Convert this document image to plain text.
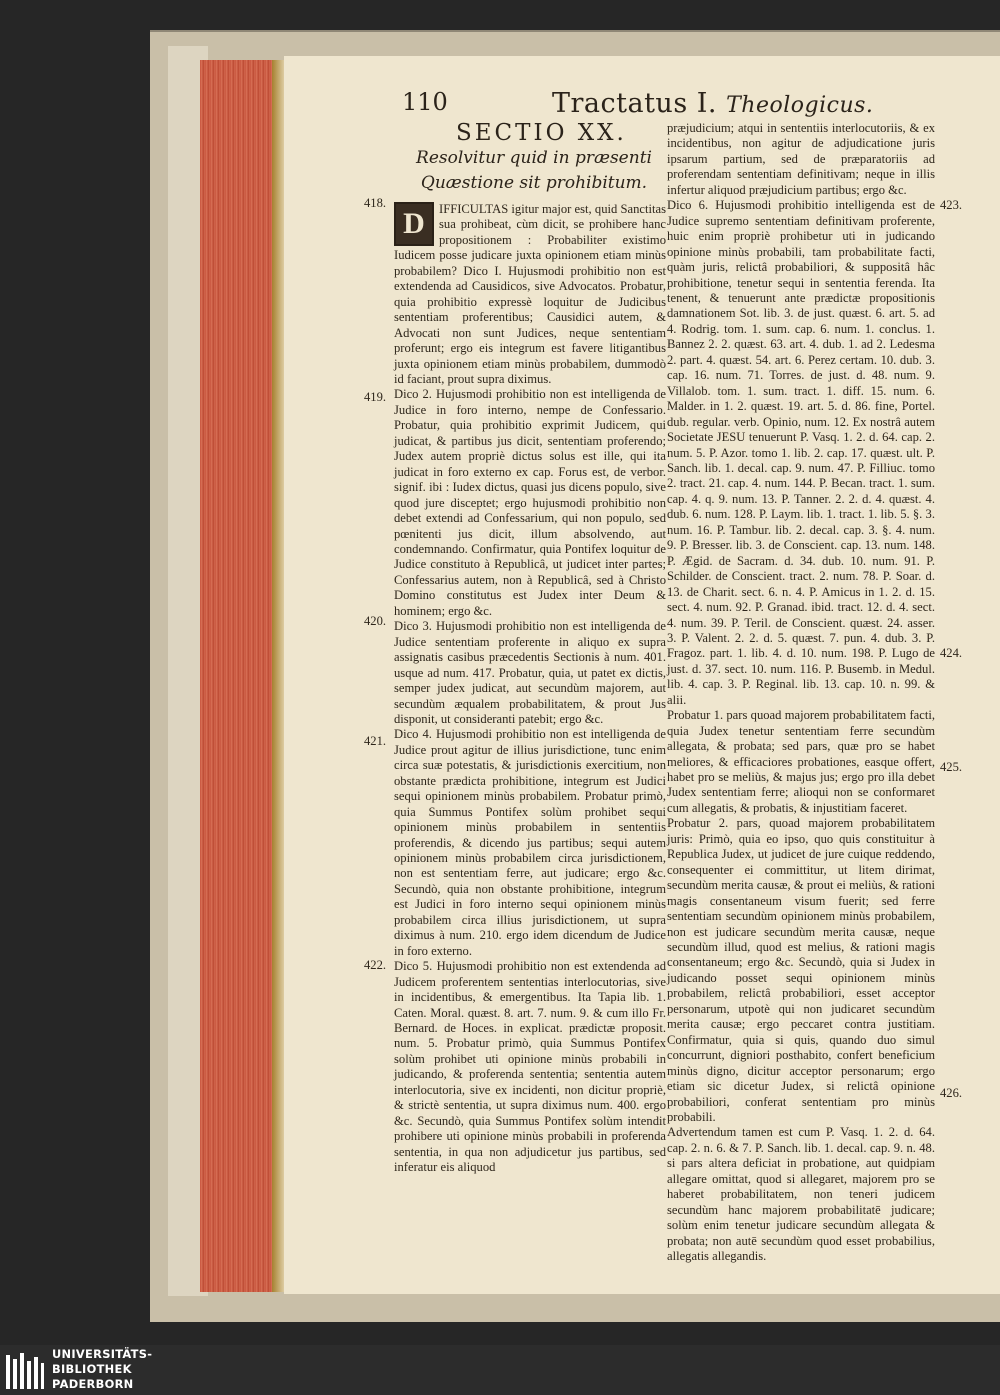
110	Tractatus I. Theologicus.
SECTIO XX.
Resolvitur quid in præsenti Quæstione sit prohibitum.
D	IFFICULTAS igitur major est, quid Sanctitas sua prohibeat, cùm dicit, se prohibere hanc propositionem : Probabiliter existimo Iudicem posse judicare juxta opinionem etiam minùs probabilem? Dico I. Hujusmodi prohibitio non est extendenda ad Causidicos, sive Advocatos. Probatur, quia prohibitio expressè loquitur de Judicibus sententiam proferentibus; Causidici autem, & Advocati non sunt Judices, neque sententiam proferunt; ergo eis integrum est favere litigantibus juxta opinionem etiam minùs probabilem, dummodò id faciant, prout supra diximus.

Dico 2. Hujusmodi prohibitio non est intelligenda de Judice in foro interno, nempe de Confessario. Probatur, quia prohibitio exprimit Judicem, qui judicat, & partibus jus dicit, sententiam proferendo; Judex autem propriè dictus solus est ille, qui ita judicat in foro externo ex cap. Forus est, de verbor. signif. ibi : Iudex dictus, quasi jus dicens populo, sive quod jure disceptet; ergo hujusmodi prohibitio non debet extendi ad Confessarium, qui non populo, sed pœnitenti jus dicit, illum absolvendo, aut condemnando. Confirmatur, quia Pontifex loquitur de Judice constituto à Republicâ, ut judicet inter partes; Confessarius autem, non à Republicâ, sed à Christo Domino constitutus est Judex inter Deum & hominem; ergo &c.

Dico 3. Hujusmodi prohibitio non est intelligenda de Judice sententiam proferente in aliquo ex supra assignatis casibus præcedentis Sectionis à num. 401. usque ad num. 417. Probatur, quia, ut patet ex dictis, semper judex judicat, aut secundùm majorem, aut secundùm æqualem probabilitatem, & prout Jus disponit, ut consideranti patebit; ergo &c.

Dico 4. Hujusmodi prohibitio non est intelligenda de Judice prout agitur de illius jurisdictione, tunc enim circa suæ potestatis, & jurisdictionis exercitium, non obstante prædicta prohibitione, integrum est Judici sequi opinionem minùs probabilem. Probatur primò, quia Summus Pontifex solùm prohibet sequi opinionem minùs probabilem in sententiis proferendis, & dicendo jus partibus; sequi autem opinionem minùs probabilem circa jurisdictionem, non est sententiam ferre, aut judicare; ergo &c. Secundò, quia non obstante prohibitione, integrum est Judici in foro interno sequi opinionem minùs probabilem circa illius jurisdictionem, ut supra diximus à num. 210. ergo idem dicendum de Judice in foro externo.

Dico 5. Hujusmodi prohibitio non est extendenda ad Judicem proferentem sententias interlocutorias, sive in incidentibus, & emergentibus. Ita Tapia lib. 1. Caten. Moral. quæst. 8. art. 7. num. 9. & cum illo Fr. Bernard. de Hoces. in explicat. prædictæ proposit. num. 5. Probatur primò, quia Summus Pontifex solùm prohibet uti opinione minùs probabili in judicando, & proferenda sententia; sententia autem interlocutoria, sive ex incidenti, non dicitur propriè, & strictè sententia, ut supra diximus num. 400. ergo &c. Secundò, quia Summus Pontifex solùm intendit prohibere uti opinione minùs probabili in proferenda sententia, in qua non adjudicetur jus partibus, sed inferatur eis aliquod

præjudicium; atqui in sententiis interlocutoriis, & ex incidentibus, non agitur de adjudicatione juris ipsarum partium, sed de præparatoriis ad proferendam sententiam definitivam; neque in illis infertur aliquod præjudicium partibus; ergo &c.

Dico 6. Hujusmodi prohibitio intelligenda est de Judice supremo sententiam definitivam proferente, huic enim propriè prohibetur uti in judicando opinione minùs probabili, tam probabilitate facti, quàm juris, relictâ probabiliori, & suppositâ hâc prohibitione, tenetur sequi in sententia ferenda. Ita tenent, & tenuerunt ante prædictæ propositionis damnationem Sot. lib. 3. de just. quæst. 6. art. 5. ad 4. Rodrig. tom. 1. sum. cap. 6. num. 1. conclus. 1. Bannez 2. 2. quæst. 63. art. 4. dub. 1. ad 2. Ledesma 2. part. 4. quæst. 54. art. 6. Perez certam. 10. dub. 3. cap. 16. num. 71. Torres. de just. d. 48. num. 9. Villalob. tom. 1. sum. tract. 1. diff. 15. num. 6. Malder. in 1. 2. quæst. 19. art. 5. d. 86. fine, Portel. dub. regular. verb. Opinio, num. 12. Ex nostrâ autem Societate JESU tenuerunt P. Vasq. 1. 2. d. 64. cap. 2. num. 5. P. Azor. tomo 1. lib. 2. cap. 17. quæst. ult. P. Sanch. lib. 1. decal. cap. 9. num. 47. P. Filliuc. tomo 2. tract. 21. cap. 4. num. 144. P. Becan. tract. 1. sum. cap. 4. q. 9. num. 13. P. Tanner. 2. 2. d. 4. quæst. 4. dub. 6. num. 128. P. Laym. lib. 1. tract. 1. lib. 5. §. 3. num. 16. P. Tambur. lib. 2. decal. cap. 3. §. 4. num. 9. P. Bresser. lib. 3. de Conscient. cap. 13. num. 148. P. Ægid. de Sacram. d. 34. dub. 10. num. 91. P. Schilder. de Conscient. tract. 2. num. 78. P. Soar. d. 13. de Charit. sect. 6. n. 4. P. Amicus in 1. 2. d. 15. sect. 4. num. 92. P. Granad. ibid. tract. 12. d. 4. sect. 4. num. 39. P. Teril. de Conscient. quæst. 24. asser. 3. P. Valent. 2. 2. d. 5. quæst. 7. pun. 4. dub. 3. P. Fragoz. part. 1. lib. 4. d. 10. num. 198. P. Lugo de just. d. 37. sect. 10. num. 116. P. Busemb. in Medul. lib. 4. cap. 3. P. Reginal. lib. 13. cap. 10. n. 99. & alii.

Probatur 1. pars quoad majorem probabilitatem facti, quia Judex tenetur sententiam ferre secundùm allegata, & probata; sed pars, quæ pro se habet meliores, & efficaciores probationes, easque offert, habet pro se meliùs, & majus jus; ergo pro illa debet Judex sententiam ferre; alioqui non se conformaret cum allegatis, & probatis, & injustitiam faceret.

Probatur 2. pars, quoad majorem probabilitatem juris: Primò, quia eo ipso, quo quis constituitur à Republica Judex, ut judicet de jure cuique reddendo, consequenter ei committitur, ut litem dirimat, secundùm merita causæ, & prout ei meliùs, & rationi magis consentaneum visum fuerit; sed ferre sententiam secundùm opinionem minùs probabilem, non est judicare secundùm merita causæ, neque secundùm illud, quod est melius, & rationi magis consentaneum; ergo &c. Secundò, quia si Judex in judicando posset sequi opinionem minùs probabilem, relictâ probabiliori, esset acceptor personarum, utpotè qui non judicaret secundùm merita causæ; ergo peccaret contra justitiam. Confirmatur, quia si quis, quando duo simul concurrunt, digniori posthabito, confert beneficium minùs digno, dicitur acceptor personarum; ergo etiam sic dicetur Judex, si relictâ opinione probabiliori, conferat sententiam pro minùs probabili.

Advertendum tamen est cum P. Vasq. 1. 2. d. 64. cap. 2. n. 6. & 7. P. Sanch. lib. 1. decal. cap. 9. n. 48. si pars altera deficiat in probatione, aut quidpiam allegare omittat, quod si allegaret, majorem pro se haberet probabilitatem, non teneri judicem secundùm hanc majorem probabilitatē judicare; solùm enim tenetur judicare secundùm allegata & probata; non autē secundùm quod esset probabilius, allegatis allegandis.

418.
419.
420.
421.
422.
423.
424.
425.
426.
UNIVERSITÄTS-
BIBLIOTHEK
PADERBORN
